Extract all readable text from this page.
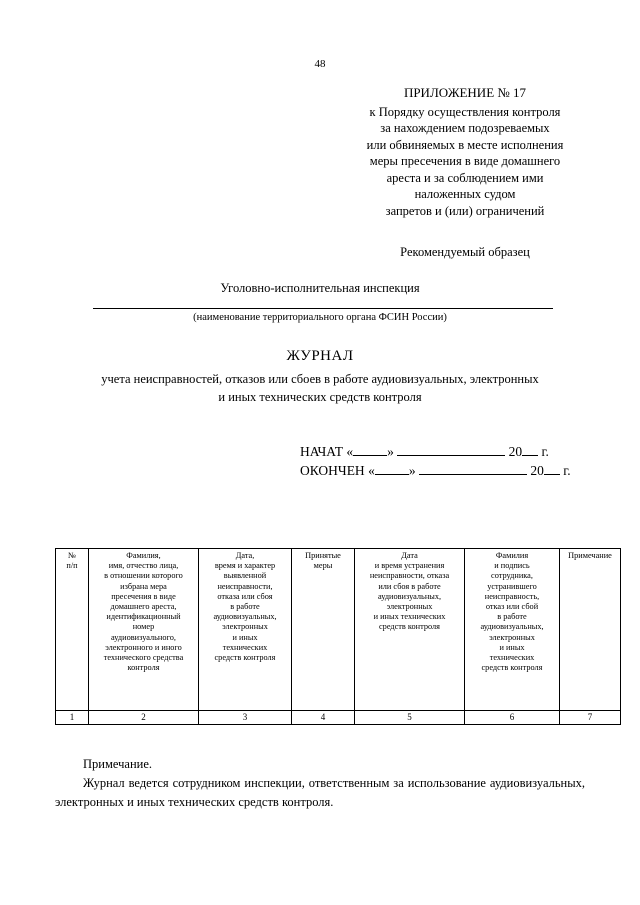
48
ПРИЛОЖЕНИЕ № 17
к Порядку осуществления контроля
за нахождением подозреваемых
или обвиняемых в месте исполнения
меры пресечения в виде домашнего
ареста и за соблюдением ими
наложенных судом
запретов и (или) ограничений
Рекомендуемый образец
Уголовно-исполнительная инспекция
(наименование территориального органа ФСИН России)
ЖУРНАЛ
учета неисправностей, отказов или сбоев в работе аудиовизуальных, электронных
и иных технических средств контроля
НАЧАТ «	»	20 г.
ОКОНЧЕН «	»	20 г.
№
п/п	Фамилия,
имя, отчество лица,
в отношении которого
избрана мера
пресечения в виде
домашнего ареста,
идентификационный
номер
аудиовизуального,
электронного и иного
технического средства
контроля	Дата,
время и характер
выявленной
неисправности,
отказа или сбоя
в работе
аудиовизуальных,
электронных
и иных
технических
средств контроля	Принятые
меры	Дата
и время устранения
неисправности, отказа
или сбоя в работе
аудиовизуальных,
электронных
и иных технических
средств контроля	Фамилия
и подпись
сотрудника,
устранившего
неисправность,
отказ или сбой
в работе
аудиовизуальных,
электронных
и иных
технических
средств контроля	Примечание
1	2	3	4	5	6	7
Примечание.
Журнал ведется сотрудником инспекции, ответственным за использование аудиовизуальных, электронных и иных технических средств контроля.
